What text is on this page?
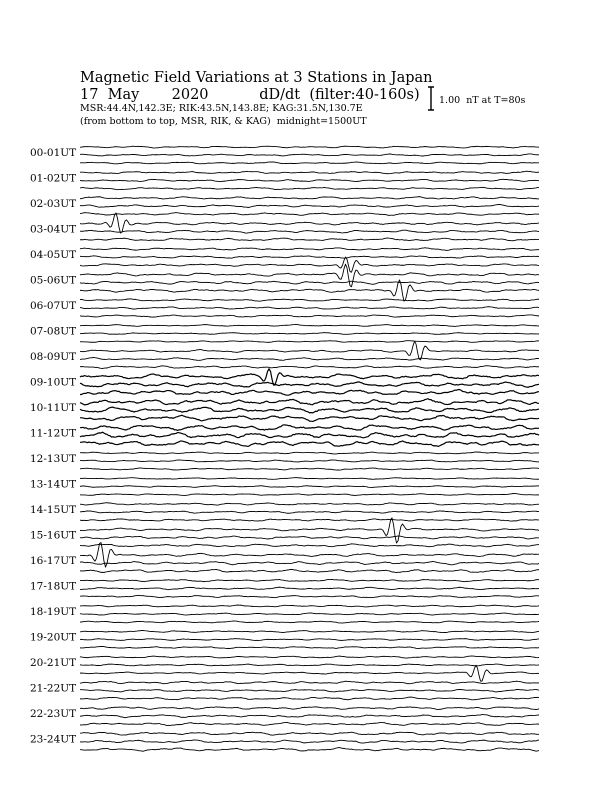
Magnetic Field Variations at 3 Stations in Japan
17  May       2020           dD/dt  (filter:40-160s)
MSR:44.4N,142.3E; RIK:43.5N,143.8E; KAG:31.5N,130.7E
(from bottom to top, MSR, RIK, & KAG)  midnight=1500UT
1.00  nT at T=80s
00-01UT
01-02UT
02-03UT
03-04UT
04-05UT
05-06UT
06-07UT
07-08UT
08-09UT
09-10UT
10-11UT
11-12UT
12-13UT
13-14UT
14-15UT
15-16UT
16-17UT
17-18UT
18-19UT
19-20UT
20-21UT
21-22UT
22-23UT
23-24UT
